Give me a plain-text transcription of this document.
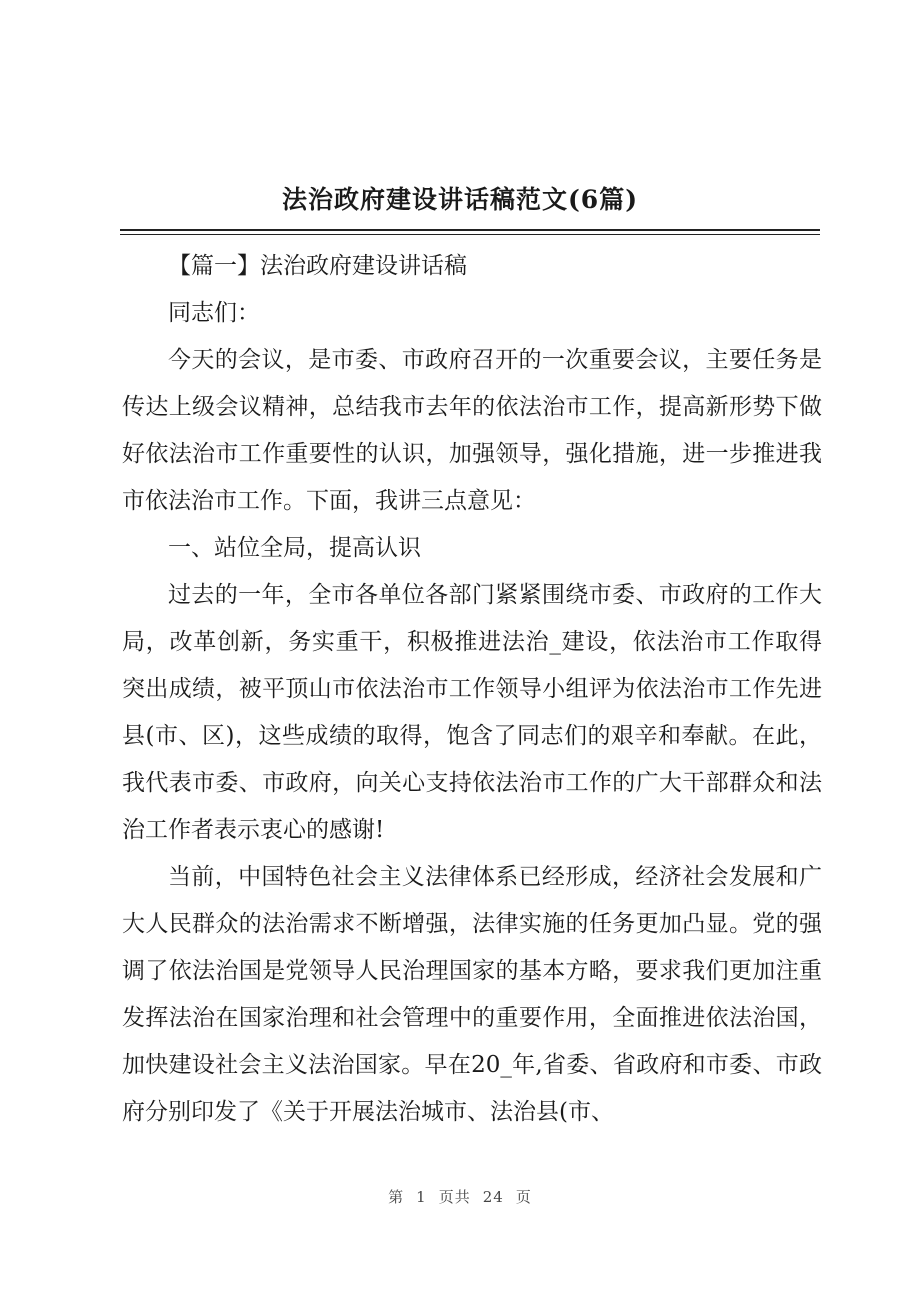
法治政府建设讲话稿范文(6篇)

【篇一】法治政府建设讲话稿

同志们：

今天的会议，是市委、市政府召开的一次重要会议，主要任务是传达上级会议精神，总结我市去年的依法治市工作，提高新形势下做好依法治市工作重要性的认识，加强领导，强化措施，进一步推进我市依法治市工作。下面，我讲三点意见：

一、站位全局，提高认识

过去的一年，全市各单位各部门紧紧围绕市委、市政府的工作大局，改革创新，务实重干，积极推进法治_建设，依法治市工作取得突出成绩，被平顶山市依法治市工作领导小组评为依法治市工作先进县(市、区)，这些成绩的取得，饱含了同志们的艰辛和奉献。在此，我代表市委、市政府，向关心支持依法治市工作的广大干部群众和法治工作者表示衷心的感谢!

当前，中国特色社会主义法律体系已经形成，经济社会发展和广大人民群众的法治需求不断增强，法律实施的任务更加凸显。党的强调了依法治国是党领导人民治理国家的基本方略，要求我们更加注重发挥法治在国家治理和社会管理中的重要作用，全面推进依法治国，加快建设社会主义法治国家。早在20_年,省委、省政府和市委、市政府分别印发了《关于开展法治城市、法治县(市、

第 1 页共 24 页
